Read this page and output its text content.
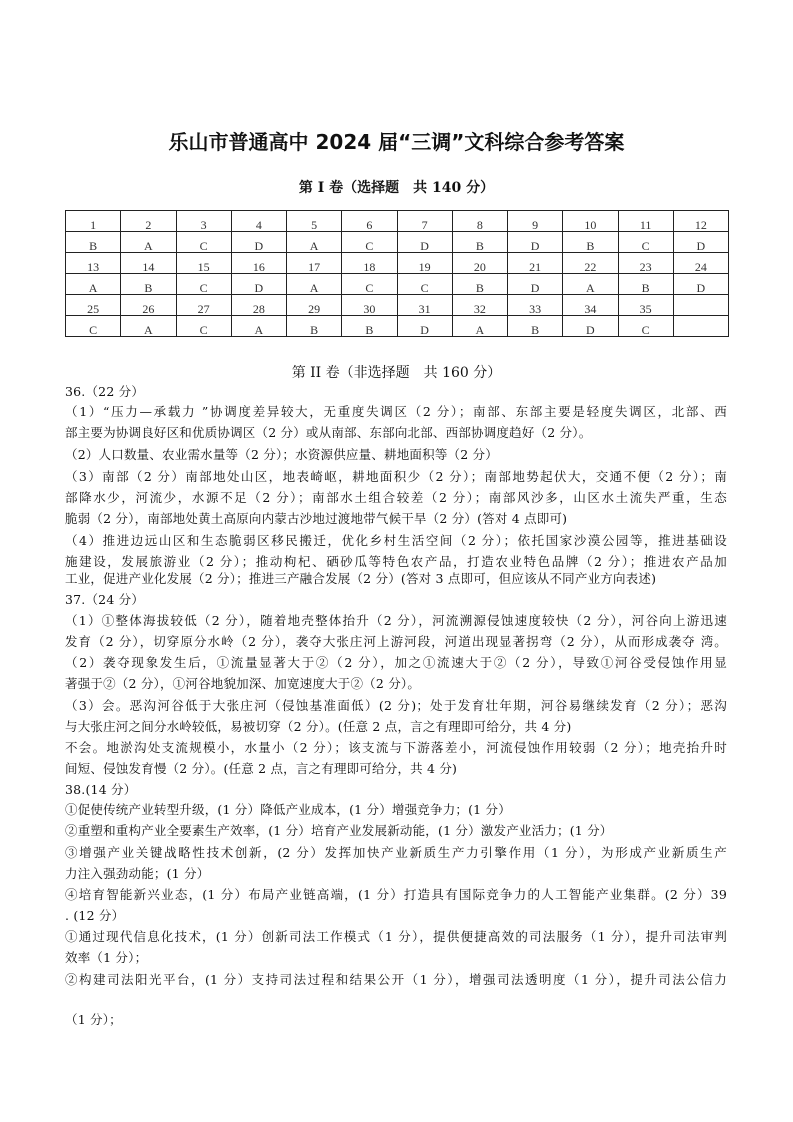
乐山市普通高中 2024 届“三调”文科综合参考答案
第 I 卷（选择题　共 140 分）
1	2	3	4	5	6	7	8	9	10	11	12
B	A	C	D	A	C	D	B	D	B	C	D
13	14	15	16	17	18	19	20	21	22	23	24
A	B	C	D	A	C	C	B	D	A	B	D
25	26	27	28	29	30	31	32	33	34	35	
C	A	C	A	B	B	D	A	B	D	C	
第 II 卷（非选择题　共 160 分）
36.（22 分）
（1）“压力—承载力 ”协调度差异较大，无重度失调区（2 分）；南部、东部主要是轻度失调区，北部、西
部主要为协调良好区和优质协调区（2 分）或从南部、东部向北部、西部协调度趋好（2 分）。
（2）人口数量、农业需水量等（2 分）；水资源供应量、耕地面积等（2 分）
（3）南部（2 分）南部地处山区，地表崎岖，耕地面积少（2 分）；南部地势起伏大，交通不便（2 分）；南
部降水少，河流少，水源不足（2 分）；南部水土组合较差（2 分）；南部风沙多，山区水土流失严重，生态
脆弱（2 分），南部地处黄土高原向内蒙古沙地过渡地带气候干旱（2 分）(答对 4 点即可)
（4）推进边远山区和生态脆弱区移民搬迁，优化乡村生活空间（2 分）；依托国家沙漠公园等，推进基础设
施建设，发展旅游业（2 分）；推动枸杞、硒砂瓜等特色农产品，打造农业特色品牌（2 分）；推进农产品加
工业，促进产业化发展（2 分）；推进三产融合发展（2 分）(答对 3 点即可，但应该从不同产业方向表述)
37.（24 分）
（1）①整体海拔较低（2 分），随着地壳整体抬升（2 分），河流溯源侵蚀速度较快（2 分），河谷向上游迅速
发育（2 分），切穿原分水岭（2 分），袭夺大张庄河上游河段，河道出现显著拐弯（2 分），从而形成袭夺 湾。
（2）袭夺现象发生后，①流量显著大于②（2 分），加之①流速大于②（2 分），导致①河谷受侵蚀作用显
著强于②（2 分），①河谷地貌加深、加宽速度大于②（2 分）。
（3）会。恶沟河谷低于大张庄河（侵蚀基准面低）(2 分)；处于发育壮年期，河谷易继续发育（2 分）；恶沟
与大张庄河之间分水岭较低，易被切穿（2 分）。(任意 2 点，言之有理即可给分，共 4 分)
不会。地淤沟处支流规模小，水量小（2 分）；该支流与下游落差小，河流侵蚀作用较弱（2 分）；地壳抬升时
间短、侵蚀发育慢（2 分）。(任意 2 点，言之有理即可给分，共 4 分)
38.(14 分）
①促使传统产业转型升级，(1 分）降低产业成本，(1 分）增强竞争力；(1 分）
②重塑和重构产业全要素生产效率，(1 分）培育产业发展新动能，(1 分）激发产业活力；(1 分）
③增强产业关键战略性技术创新，(2 分）发挥加快产业新质生产力引擎作用（1 分），为形成产业新质生产
力注入强劲动能；(1 分）
④培育智能新兴业态，(1 分）布局产业链高端，(1 分）打造具有国际竞争力的人工智能产业集群。(2 分）39
. (12 分）
①通过现代信息化技术，(1 分）创新司法工作模式（1 分），提供便捷高效的司法服务（1 分），提升司法审判
效率（1 分）；
②构建司法阳光平台，(1 分）支持司法过程和结果公开（1 分），增强司法透明度（1 分），提升司法公信力
（1 分）；
